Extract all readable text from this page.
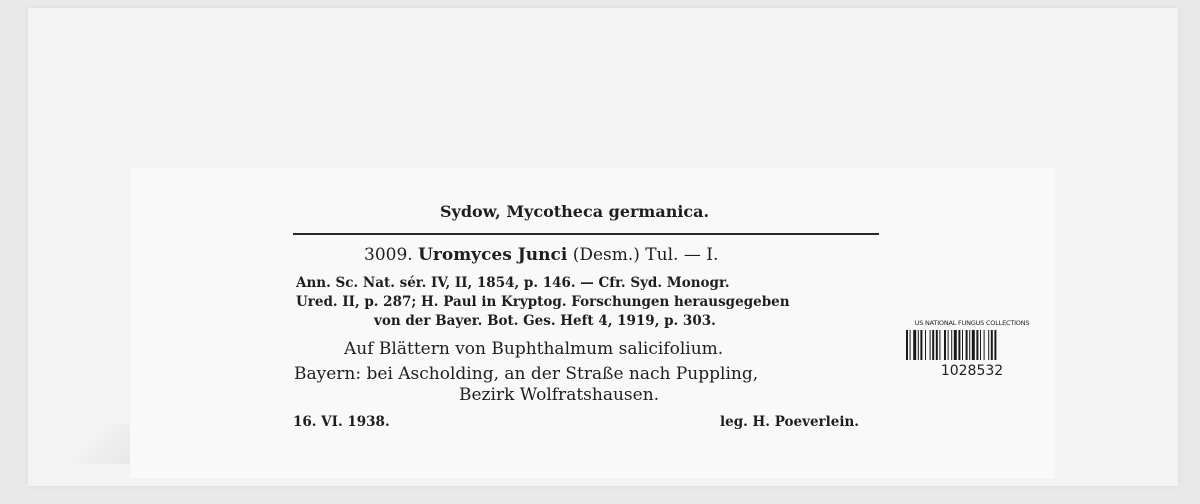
Sydow, Mycotheca germanica.
3009. Uromyces Junci (Desm.) Tul. — I.
Ann. Sc. Nat. sér. IV, II, 1854, p. 146. — Cfr. Syd. Monogr.
Ured. II, p. 287; H. Paul in Kryptog. Forschungen herausgegeben
von der Bayer. Bot. Ges. Heft 4, 1919, p. 303.
Auf Blättern von Buphthalmum salicifolium.
Bayern: bei Ascholding, an der Straße nach Puppling,
Bezirk Wolfratshausen.
16. VI. 1938.	leg. H. Poeverlein.
US NATIONAL FUNGUS COLLECTIONS
1028532
